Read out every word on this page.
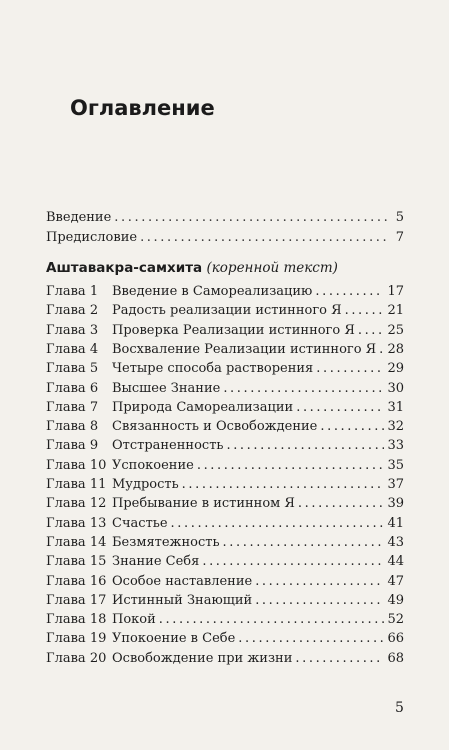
Оглавление
Введение .....	5
Предисловие .....	7
Аштавакра-самхита (коренной текст)
Глава 1	Введение в Самореализацию .....	17
Глава 2	Радость реализации истинного Я .....	21
Глава 3	Проверка Реализации истинного Я .....	25
Глава 4	Восхваление Реализации истинного Я ..... 28
Глава 5	Четыре способа растворения .....	29
Глава 6	Высшее Знание .....	30
Глава 7	Природа Самореализации .....	31
Глава 8	Связанность и Освобождение .....	32
Глава 9	Отстраненность .....	33
Глава 10 Успокоение .....	35
Глава 11 Мудрость .....	37
Глава 12 Пребывание в истинном Я .....	39
Глава 13 Счастье .....	41
Глава 14 Безмятежность .....	43
Глава 15 Знание Себя .....	44
Глава 16 Особое наставление .....	47
Глава 17 Истинный Знающий .....	49
Глава 18 Покой .....	52
Глава 19 Упокоение в Себе .....	66
Глава 20 Освобождение при жизни .....	68
5
